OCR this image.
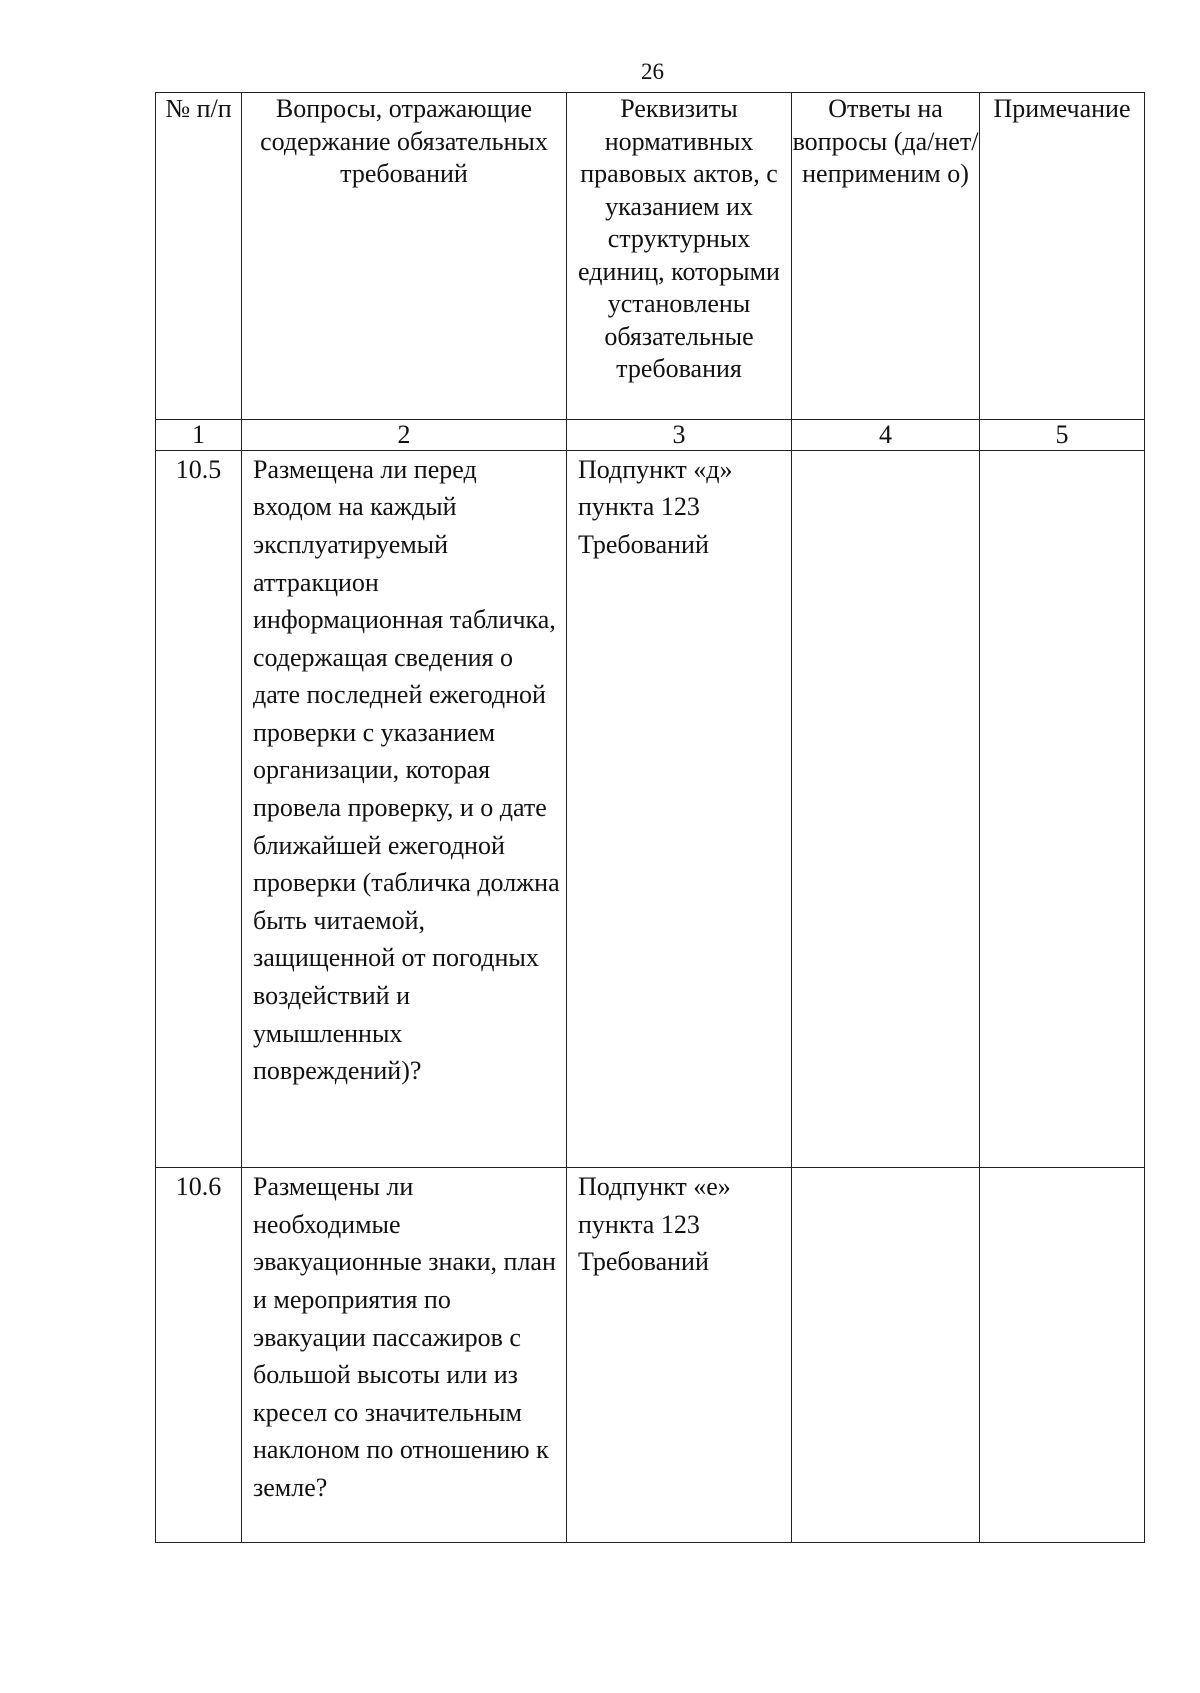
26
№ п/п	Вопросы, отражающие содержание обязательных требований	Реквизиты нормативных правовых актов, с указанием их структурных единиц, которыми установлены обязательные требования	Ответы на вопросы (да/нет/ неприменим о)	Примечание
1	2	3	4	5
10.5	Размещена ли перед входом на каждый эксплуатируемый аттракцион информационная табличка, содержащая сведения о дате последней ежегодной проверки с указанием организации, которая провела проверку, и о дате ближайшей ежегодной проверки (табличка должна быть читаемой, защищенной от погодных воздействий и умышленных повреждений)?	Подпункт «д» пункта 123 Требований		
10.6	Размещены ли необходимые эвакуационные знаки, план и мероприятия по эвакуации пассажиров с большой высоты или из кресел со значительным наклоном по отношению к земле?	Подпункт «е» пункта 123 Требований		
